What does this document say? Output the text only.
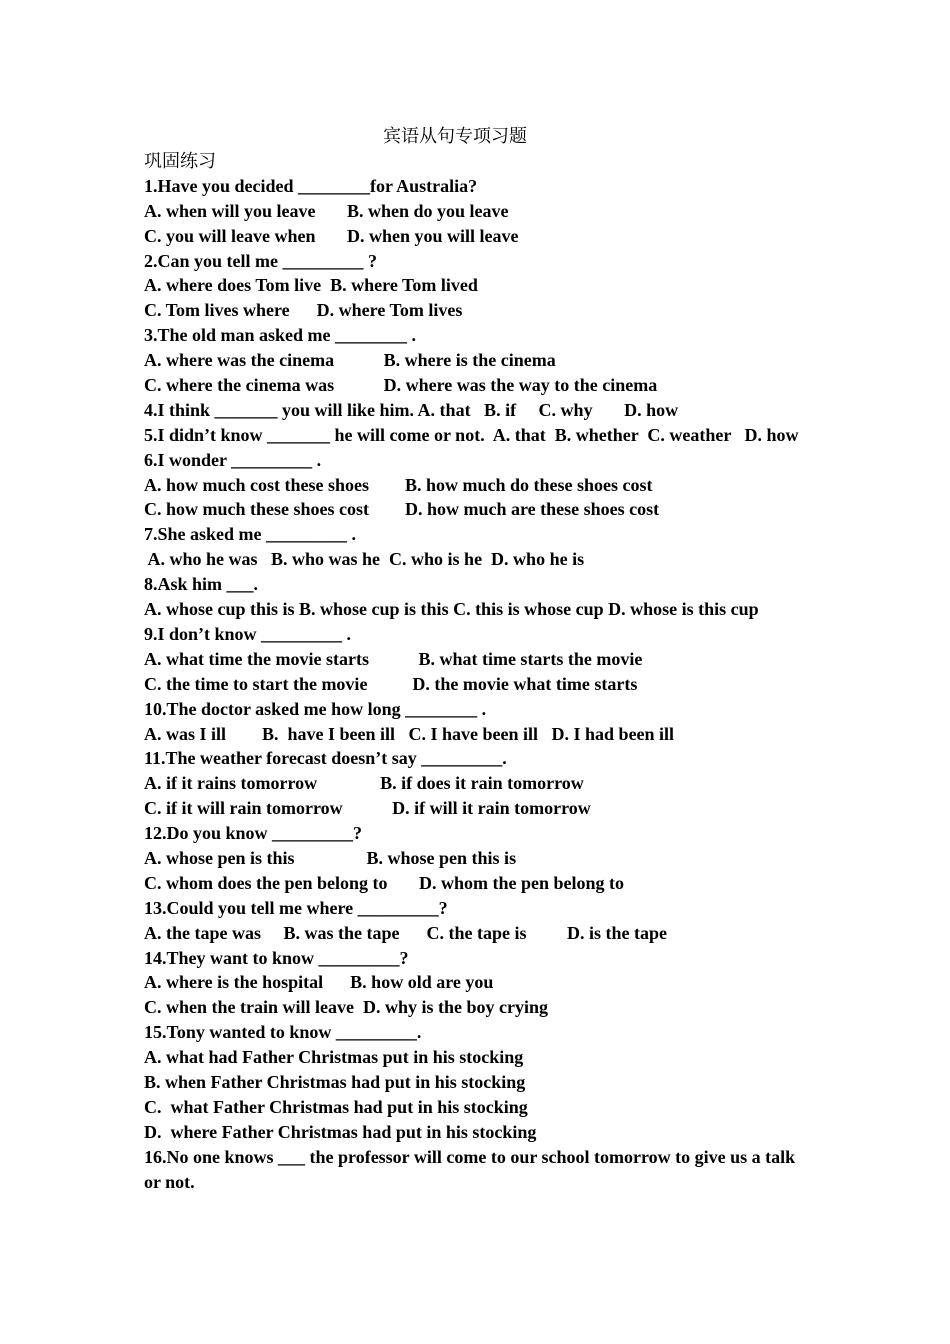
宾语从句专项习题
巩固练习
1.Have you decided ________for Australia?
A. when will you leave       B. when do you leave
C. you will leave when       D. when you will leave
2.Can you tell me _________ ?
A. where does Tom live  B. where Tom lived
C. Tom lives where      D. where Tom lives
3.The old man asked me ________ .
A. where was the cinema           B. where is the cinema
C. where the cinema was           D. where was the way to the cinema
4.I think _______ you will like him. A. that   B. if     C. why       D. how
5.I didn’t know _______ he will come or not.  A. that  B. whether  C. weather   D. how
6.I wonder _________ .
A. how much cost these shoes        B. how much do these shoes cost
C. how much these shoes cost        D. how much are these shoes cost
7.She asked me _________ .
A. who he was   B. who was he  C. who is he  D. who he is
8.Ask him ___.
A. whose cup this is B. whose cup is this C. this is whose cup D. whose is this cup
9.I don’t know _________ .
A. what time the movie starts           B. what time starts the movie
C. the time to start the movie          D. the movie what time starts
10.The doctor asked me how long ________ .
A. was I ill        B.  have I been ill   C. I have been ill   D. I had been ill
11.The weather forecast doesn’t say _________.
A. if it rains tomorrow              B. if does it rain tomorrow
C. if it will rain tomorrow           D. if will it rain tomorrow
12.Do you know _________?
A. whose pen is this                B. whose pen this is
C. whom does the pen belong to       D. whom the pen belong to
13.Could you tell me where _________?
A. the tape was     B. was the tape      C. the tape is         D. is the tape
14.They want to know _________?
A. where is the hospital      B. how old are you
C. when the train will leave  D. why is the boy crying
15.Tony wanted to know _________.
A. what had Father Christmas put in his stocking
B. when Father Christmas had put in his stocking
C.  what Father Christmas had put in his stocking
D.  where Father Christmas had put in his stocking
16.No one knows ___ the professor will come to our school tomorrow to give us a talk or not.
